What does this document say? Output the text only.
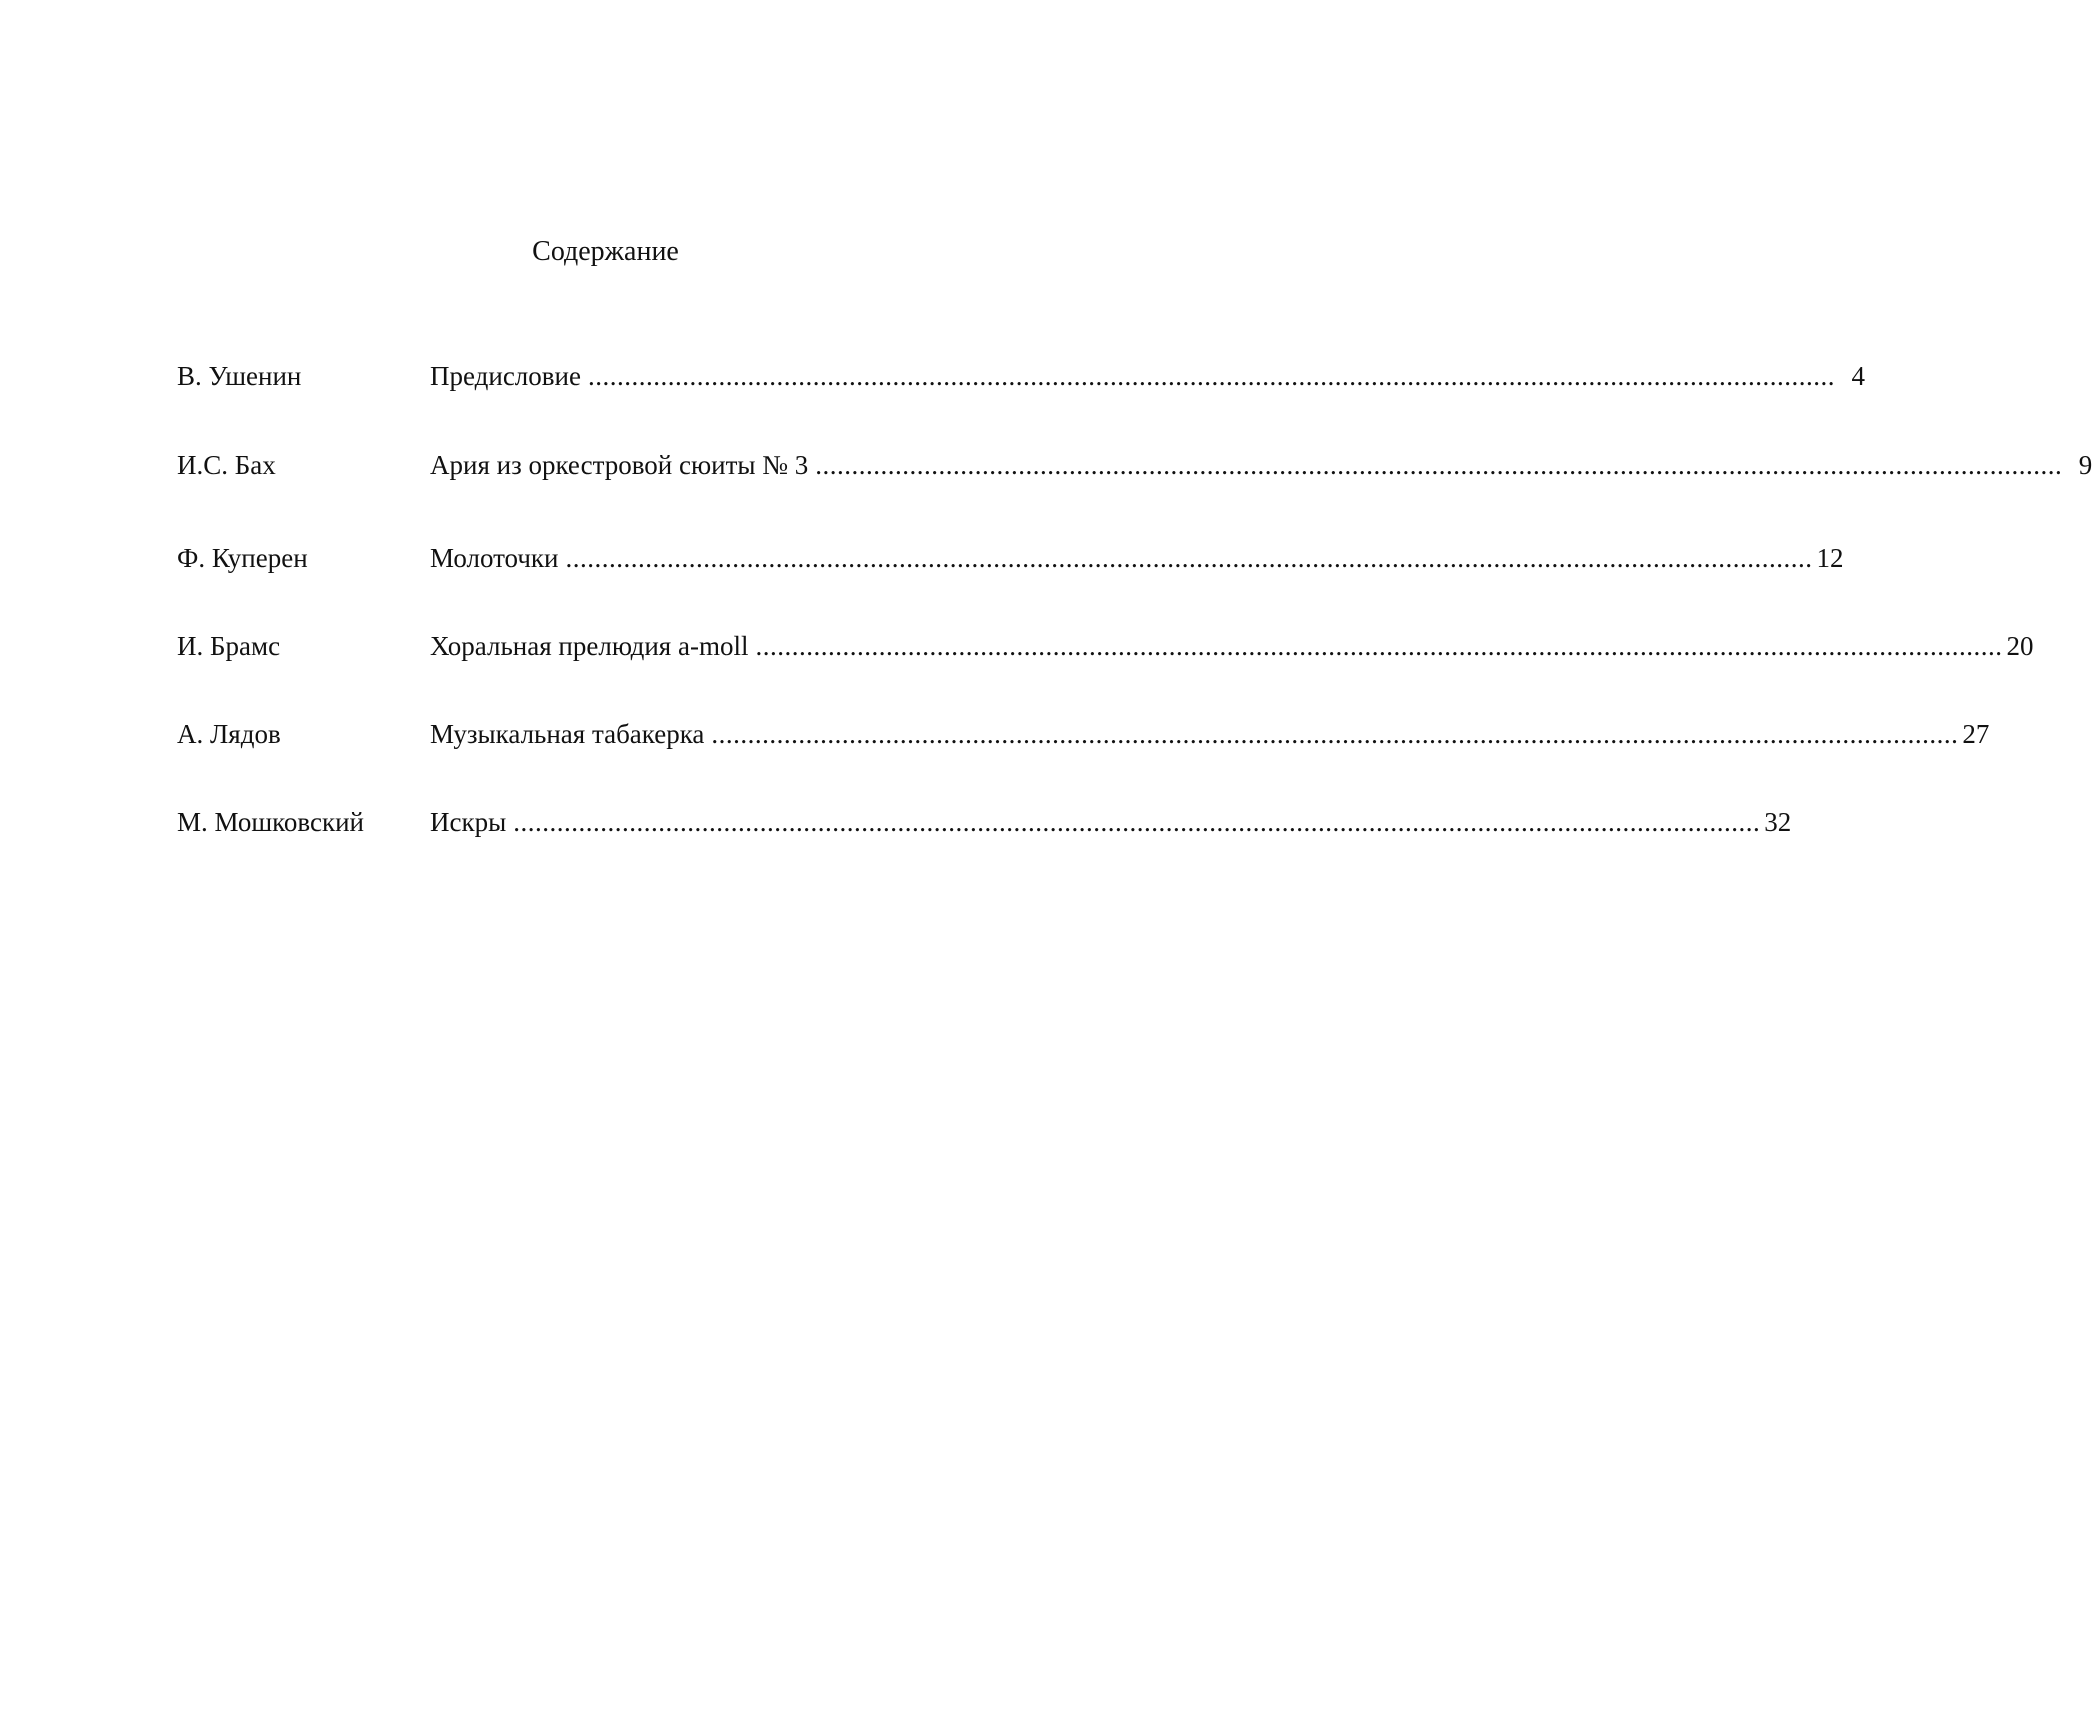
Содержание
В. Ушенин	Предисловие ............................................................................................................................................................................ 4
И.С. Бах	Ария из оркестровой сюиты № 3 ............................................................................................................................................................................ 9
Ф. Куперен	Молоточки ............................................................................................................................................................................ 12
И. Брамс	Хоральная прелюдия a-moll ............................................................................................................................................................................ 20
А. Лядов	Музыкальная табакерка ............................................................................................................................................................................ 27
М. Мошковский	Искры ............................................................................................................................................................................ 32
